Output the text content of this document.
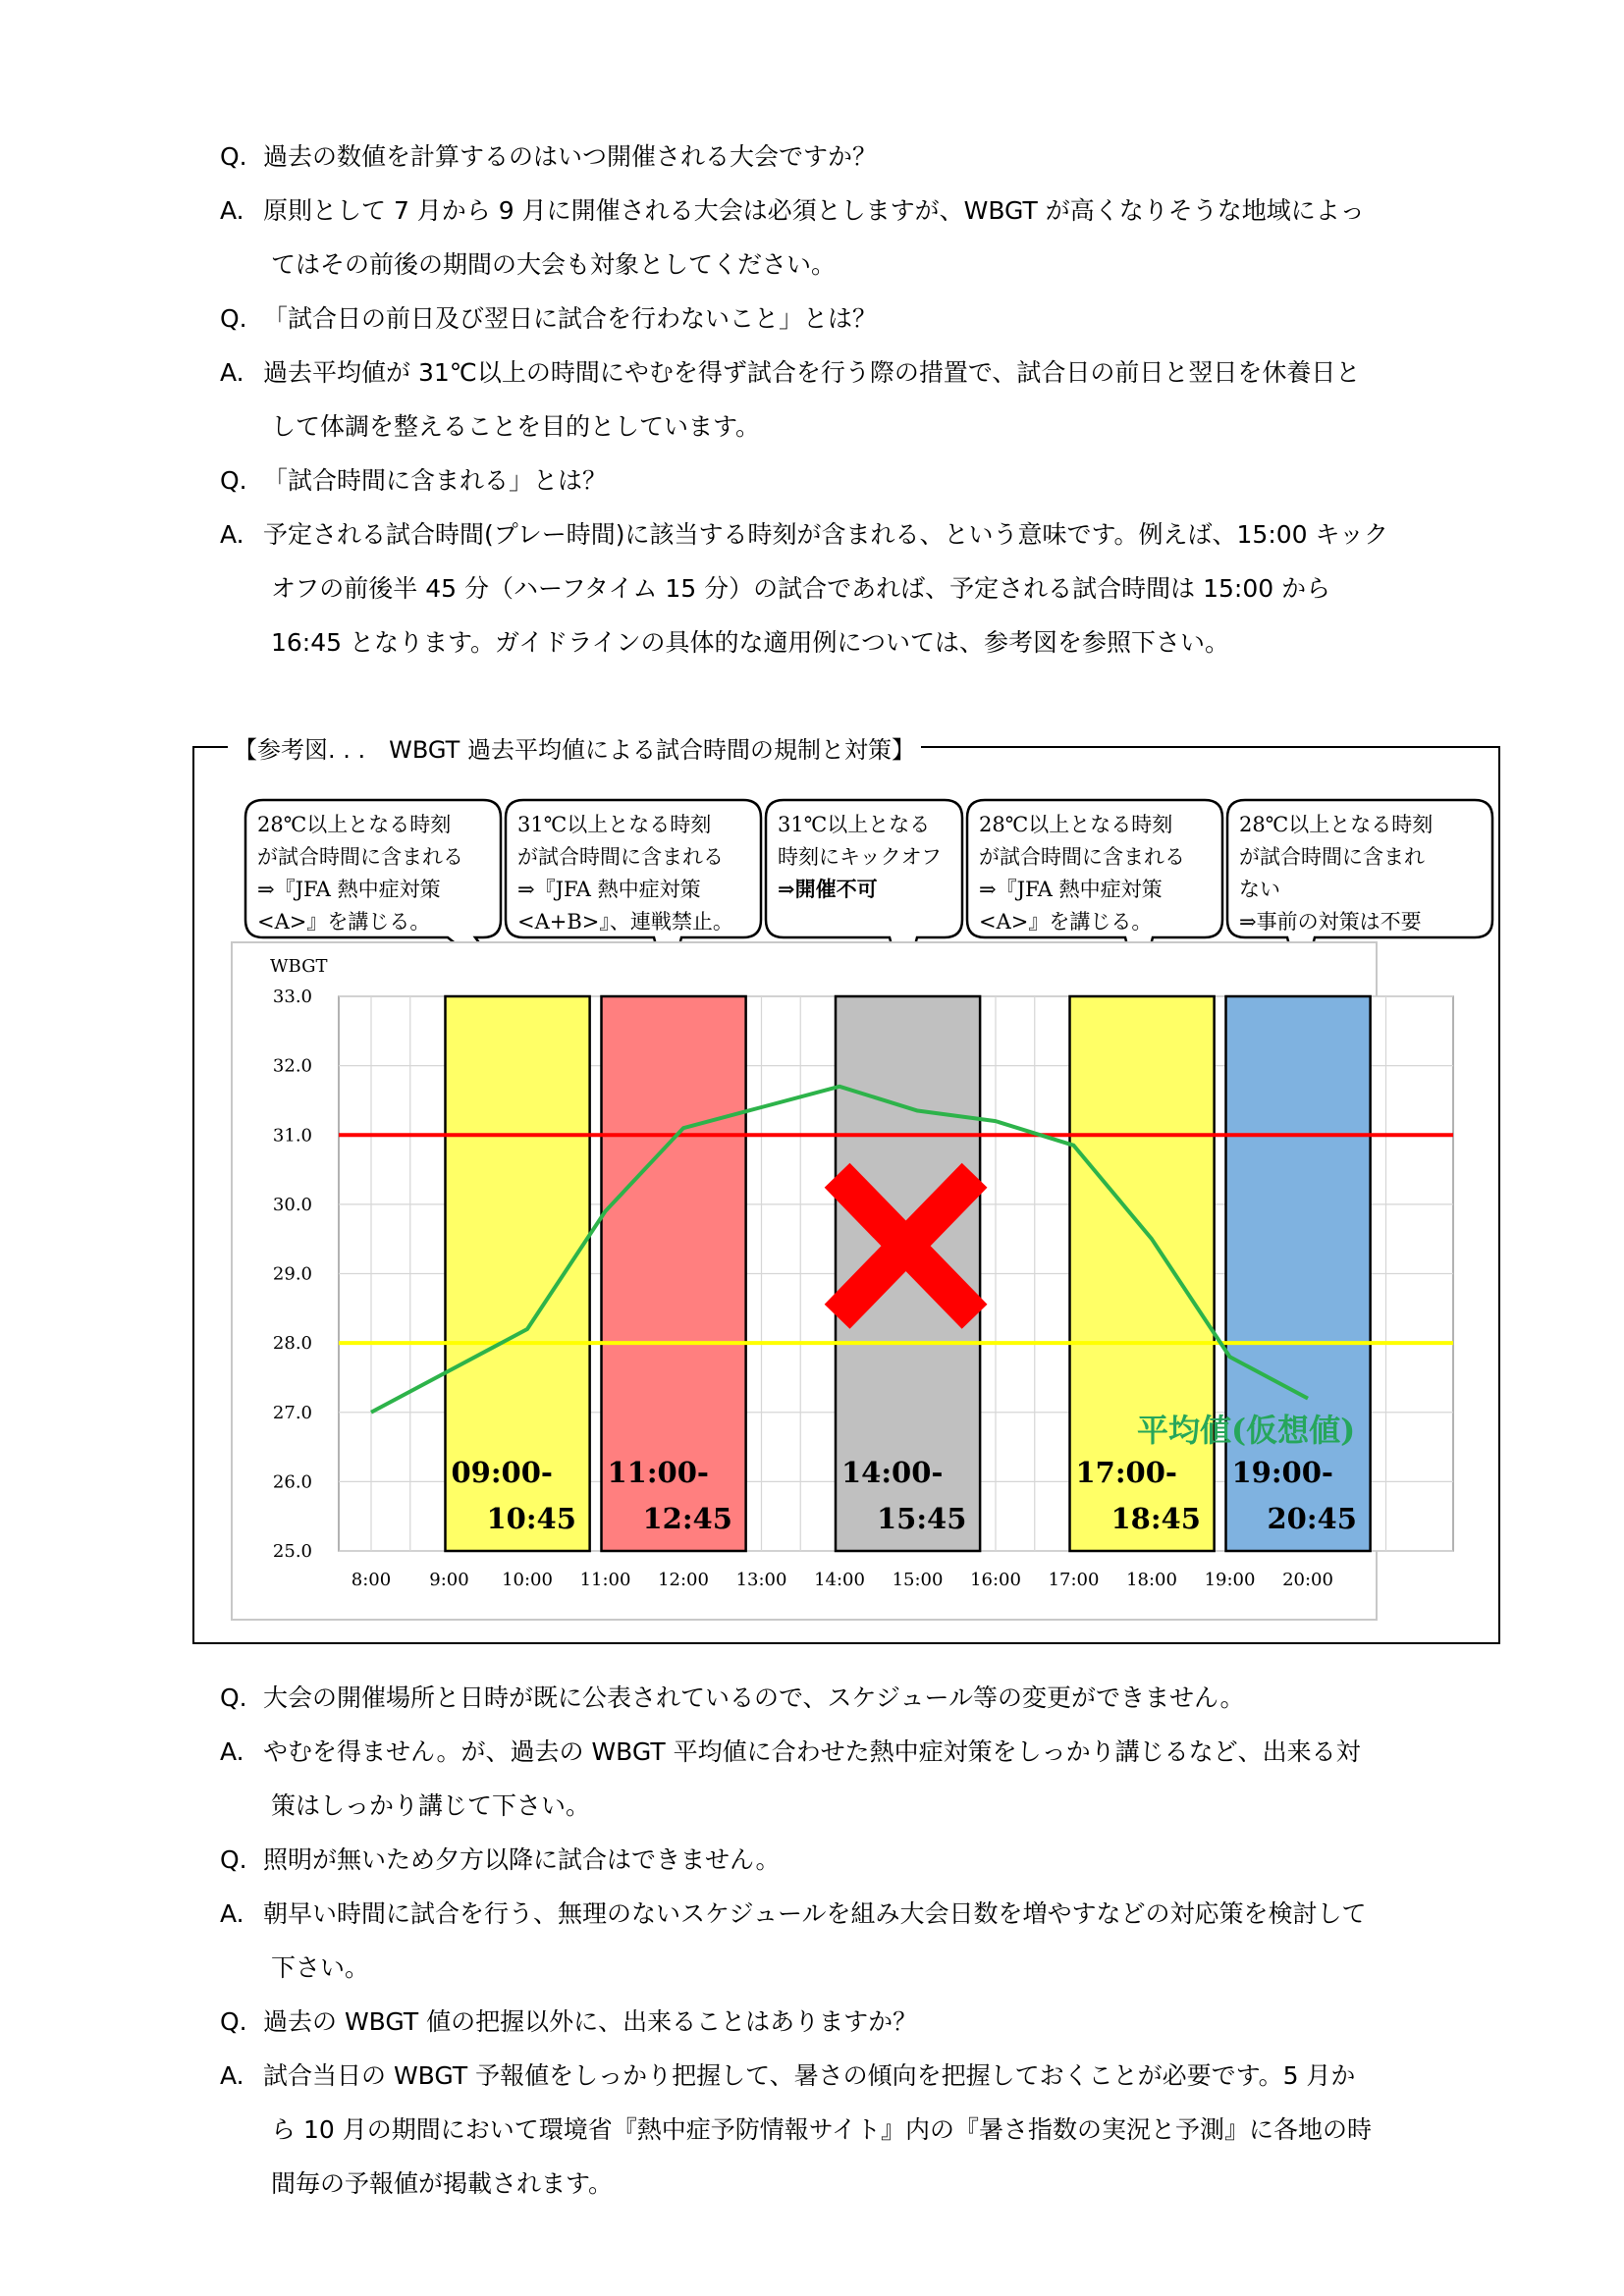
Q. 過去の数値を計算するのはいつ開催される大会ですか？
A. 原則として 7 月から 9 月に開催される大会は必須としますが、WBGT が高くなりそうな地域によっ
てはその前後の期間の大会も対象としてください。
Q. 「試合日の前日及び翌日に試合を行わないこと」とは？
A. 過去平均値が 31℃以上の時間にやむを得ず試合を行う際の措置で、試合日の前日と翌日を休養日と
して体調を整えることを目的としています。
Q. 「試合時間に含まれる」とは？
A. 予定される試合時間(プレー時間)に該当する時刻が含まれる、という意味です。例えば、15:00 キック
オフの前後半 45 分（ハーフタイム 15 分）の試合であれば、予定される試合時間は 15:00 から
16:45 となります。ガイドラインの具体的な適用例については、参考図を参照下さい。
【参考図. . .　WBGT 過去平均値による試合時間の規制と対策】
28℃以上となる時刻
が試合時間に含まれる
⇒『JFA 熱中症対策
<A>』を講じる。
31℃以上となる時刻
が試合時間に含まれる
⇒『JFA 熱中症対策
<A+B>』、連戦禁止。
31℃以上となる
時刻にキックオフ
⇒開催不可
28℃以上となる時刻
が試合時間に含まれる
⇒『JFA 熱中症対策
<A>』を講じる。
28℃以上となる時刻
が試合時間に含まれ
ない
⇒事前の対策は不要
WBGT
33.0
32.0
31.0
30.0
29.0
28.0
27.0
26.0
25.0
8:00 9:00 10:00 11:00 12:00 13:00 14:00 15:00 16:00 17:00 18:00 19:00 20:00
平均値(仮想値)
09:00-
10:45
11:00-
12:45
14:00-
15:45
17:00-
18:45
19:00-
20:45
Q. 大会の開催場所と日時が既に公表されているので、スケジュール等の変更ができません。
A. やむを得ません。が、過去の WBGT 平均値に合わせた熱中症対策をしっかり講じるなど、出来る対
策はしっかり講じて下さい。
Q. 照明が無いため夕方以降に試合はできません。
A. 朝早い時間に試合を行う、無理のないスケジュールを組み大会日数を増やすなどの対応策を検討して
下さい。
Q. 過去の WBGT 値の把握以外に、出来ることはありますか？
A. 試合当日の WBGT 予報値をしっかり把握して、暑さの傾向を把握しておくことが必要です。5 月か
ら 10 月の期間において環境省『熱中症予防情報サイト』内の『暑さ指数の実況と予測』に各地の時
間毎の予報値が掲載されます。
